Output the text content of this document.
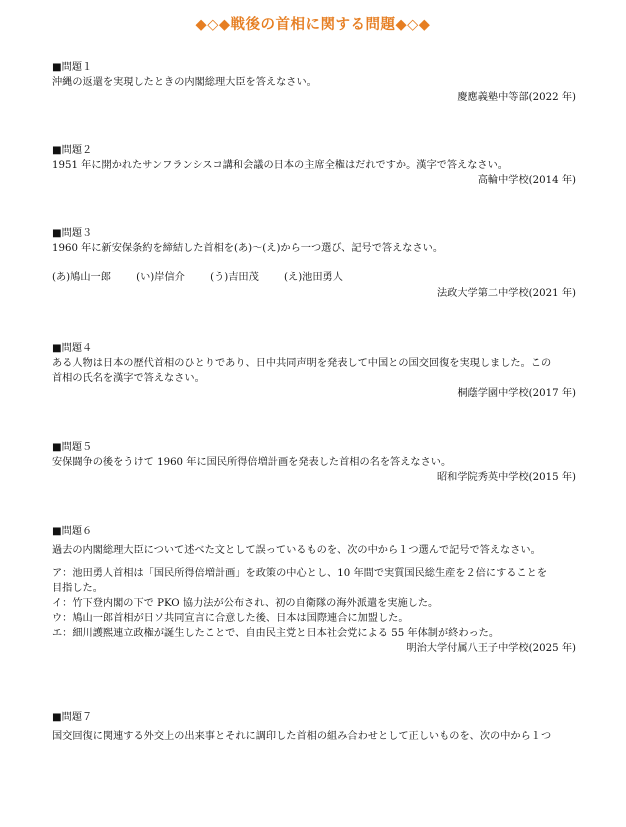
◆◇◆戦後の首相に関する問題◆◇◆
■問題１
沖縄の返還を実現したときの内閣総理大臣を答えなさい。
慶應義塾中等部(2022 年)
■問題２
1951 年に開かれたサンフランシスコ講和会議の日本の主席全権はだれですか。漢字で答えなさい。
高輪中学校(2014 年)
■問題３
1960 年に新安保条約を締結した首相を(あ)～(え)から一つ選び、記号で答えなさい。
(あ)鳩山一郎 (い)岸信介 (う)吉田茂 (え)池田勇人
法政大学第二中学校(2021 年)
■問題４
ある人物は日本の歴代首相のひとりであり、日中共同声明を発表して中国との国交回復を実現しました。この
首相の氏名を漢字で答えなさい。
桐蔭学園中学校(2017 年)
■問題５
安保闘争の後をうけて 1960 年に国民所得倍増計画を発表した首相の名を答えなさい。
昭和学院秀英中学校(2015 年)
■問題６
過去の内閣総理大臣について述べた文として誤っているものを、次の中から１つ選んで記号で答えなさい。
ア：池田勇人首相は「国民所得倍増計画」を政策の中心とし、10 年間で実質国民総生産を２倍にすることを
目指した。
イ：竹下登内閣の下で PKO 協力法が公布され、初の自衛隊の海外派遣を実施した。
ウ：鳩山一郎首相が日ソ共同宣言に合意した後、日本は国際連合に加盟した。
エ：細川護熙連立政権が誕生したことで、自由民主党と日本社会党による 55 年体制が終わった。
明治大学付属八王子中学校(2025 年)
■問題７
国交回復に関連する外交上の出来事とそれに調印した首相の組み合わせとして正しいものを、次の中から１つ
